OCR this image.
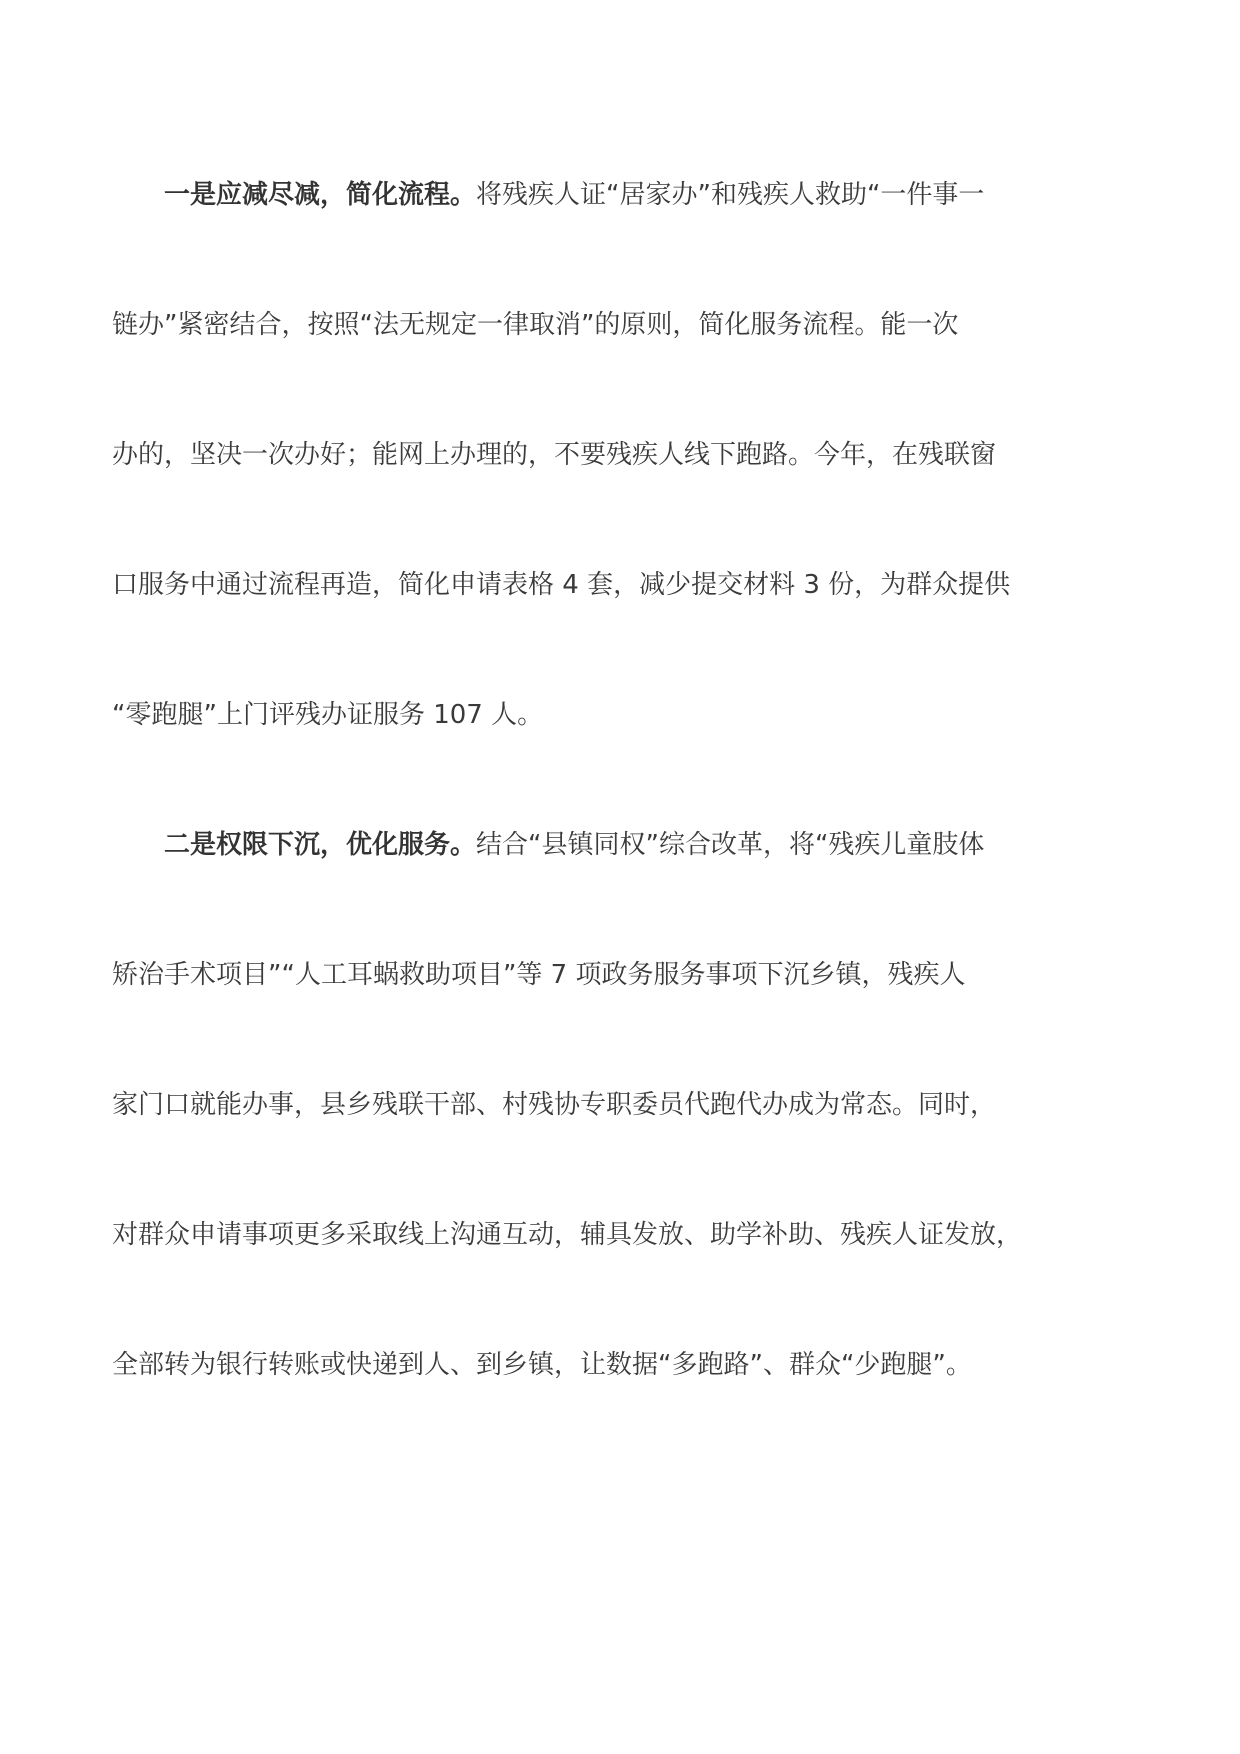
一是应减尽减，简化流程。将残疾人证“居家办”和残疾人救助“一件事一
链办”紧密结合，按照“法无规定一律取消”的原则，简化服务流程。能一次
办的，坚决一次办好；能网上办理的，不要残疾人线下跑路。今年，在残联窗
口服务中通过流程再造，简化申请表格 4 套，减少提交材料 3 份，为群众提供
“零跑腿”上门评残办证服务 107 人。
二是权限下沉，优化服务。结合“县镇同权”综合改革，将“残疾儿童肢体
矫治手术项目”“人工耳蜗救助项目”等 7 项政务服务事项下沉乡镇，残疾人
家门口就能办事，县乡残联干部、村残协专职委员代跑代办成为常态。同时，
对群众申请事项更多采取线上沟通互动，辅具发放、助学补助、残疾人证发放，
全部转为银行转账或快递到人、到乡镇，让数据“多跑路”、群众“少跑腿”。
